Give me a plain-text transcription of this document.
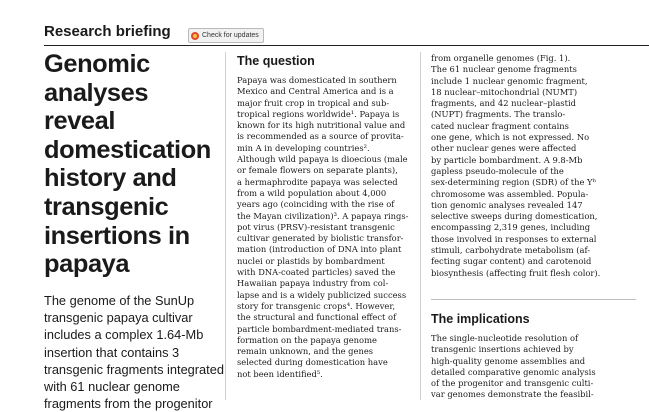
Research briefing	Check for updates
Genomic analyses reveal domestication history and transgenic insertions in papaya

The genome of the SunUp transgenic papaya cultivar includes a complex 1.64-Mb insertion that contains 3 transgenic fragments integrated with 61 nuclear genome fragments from the progenitor

The question

Papaya was domesticated in southern
Mexico and Central America and is a
major fruit crop in tropical and sub-
tropical regions worldwide¹. Papaya is
known for its high nutritional value and
is recommended as a source of provita-
min A in developing countries².
Although wild papaya is dioecious (male
or female flowers on separate plants),
a hermaphrodite papaya was selected
from a wild population about 4,000
years ago (coinciding with the rise of
the Mayan civilization)³. A papaya rings-
pot virus (PRSV)-resistant transgenic
cultivar generated by biolistic transfor-
mation (introduction of DNA into plant
nuclei or plastids by bombardment
with DNA-coated particles) saved the
Hawaiian papaya industry from col-
lapse and is a widely publicized success
story for transgenic crops⁴. However,
the structural and functional effect of
particle bombardment-mediated trans-
formation on the papaya genome
remain unknown, and the genes
selected during domestication have
not been identified⁵.

from organelle genomes (Fig. 1).
The 61 nuclear genome fragments
include 1 nuclear genomic fragment,
18 nuclear–mitochondrial (NUMT)
fragments, and 42 nuclear–plastid
(NUPT) fragments. The translo-
cated nuclear fragment contains
one gene, which is not expressed. No
other nuclear genes were affected
by particle bombardment. A 9.8-Mb
gapless pseudo-molecule of the
sex-determining region (SDR) of the Yʰ
chromosome was assembled. Popula-
tion genomic analyses revealed 147
selective sweeps during domestication,
encompassing 2,319 genes, including
those involved in responses to external
stimuli, carbohydrate metabolism (af-
fecting sugar content) and carotenoid
biosynthesis (affecting fruit flesh color).

The implications

The single-nucleotide resolution of
transgenic insertions achieved by
high-quality genome assemblies and
detailed comparative genomic analysis
of the progenitor and transgenic culti-
var genomes demonstrate the feasibil-
